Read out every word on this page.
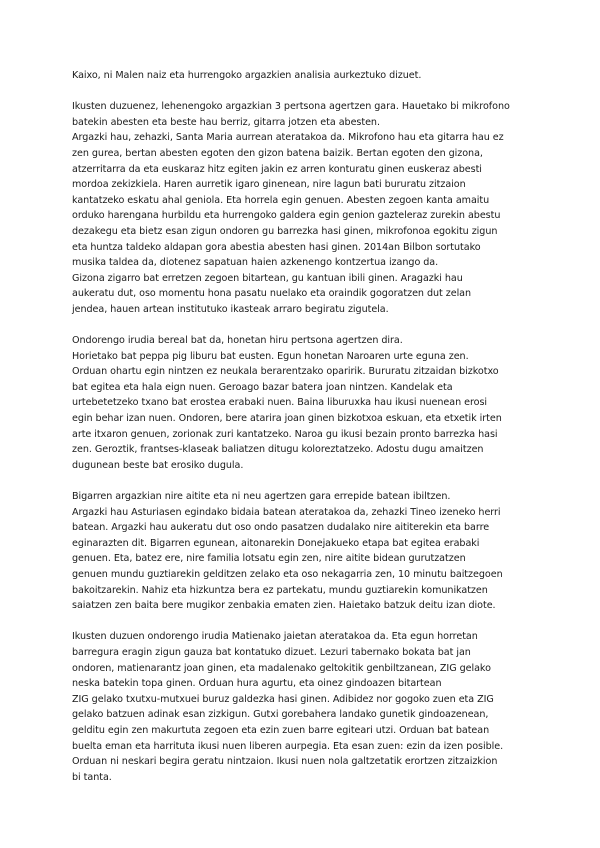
Kaixo, ni Malen naiz eta hurrengoko argazkien analisia aurkeztuko dizuet.

Ikusten duzuenez, lehenengoko argazkian 3 pertsona agertzen gara. Hauetako bi mikrofono
batekin abesten eta beste hau berriz, gitarra jotzen eta abesten.
Argazki hau, zehazki, Santa Maria aurrean ateratakoa da. Mikrofono hau eta gitarra hau ez
zen gurea, bertan abesten egoten den gizon batena baizik. Bertan egoten den gizona,
atzerritarra da eta euskaraz hitz egiten jakin ez arren konturatu ginen euskeraz abesti
mordoa zekizkiela. Haren aurretik igaro ginenean, nire lagun bati bururatu zitzaion
kantatzeko eskatu ahal geniola. Eta horrela egin genuen. Abesten zegoen kanta amaitu
orduko harengana hurbildu eta hurrengoko galdera egin genion gazteleraz zurekin abestu
dezakegu eta bietz esan zigun ondoren gu barrezka hasi ginen, mikrofonoa egokitu zigun
eta huntza taldeko aldapan gora abestia abesten hasi ginen. 2014an Bilbon sortutako
musika taldea da, diotenez sapatuan haien azkenengo kontzertua izango da.
Gizona zigarro bat erretzen zegoen bitartean, gu kantuan ibili ginen. Aragazki hau
aukeratu dut, oso momentu hona pasatu nuelako eta oraindik gogoratzen dut zelan
jendea, hauen artean institutuko ikasteak arraro begiratu zigutela.

Ondorengo irudia bereal bat da, honetan hiru pertsona agertzen dira.
Horietako bat peppa pig liburu bat eusten. Egun honetan Naroaren urte eguna zen.
Orduan ohartu egin nintzen ez neukala berarentzako oparirik. Bururatu zitzaidan bizkotxo
bat egitea eta hala eign nuen. Geroago bazar batera joan nintzen. Kandelak eta
urtebetetzeko txano bat erostea erabaki nuen. Baina liburuxka hau ikusi nuenean erosi
egin behar izan nuen. Ondoren, bere atarira joan ginen bizkotxoa eskuan, eta etxetik irten
arte itxaron genuen, zorionak zuri kantatzeko. Naroa gu ikusi bezain pronto barrezka hasi
zen. Geroztik, frantses-klaseak baliatzen ditugu koloreztatzeko. Adostu dugu amaitzen
dugunean beste bat erosiko dugula.

Bigarren argazkian nire aitite eta ni neu agertzen gara errepide batean ibiltzen.
Argazki hau Asturiasen egindako bidaia batean ateratakoa da, zehazki Tineo izeneko herri
batean. Argazki hau aukeratu dut oso ondo pasatzen dudalako nire aititerekin eta barre
eginarazten dit. Bigarren egunean, aitonarekin Donejakueko etapa bat egitea erabaki
genuen. Eta, batez ere, nire familia lotsatu egin zen, nire aitite bidean gurutzatzen
genuen mundu guztiarekin gelditzen zelako eta oso nekagarria zen, 10 minutu baitzegoen
bakoitzarekin. Nahiz eta hizkuntza bera ez partekatu, mundu guztiarekin komunikatzen
saiatzen zen baita bere mugikor zenbakia ematen zien. Haietako batzuk deitu izan diote.

Ikusten duzuen ondorengo irudia Matienako jaietan ateratakoa da. Eta egun horretan
barregura eragin zigun gauza bat kontatuko dizuet. Lezuri tabernako bokata bat jan
ondoren, matienarantz joan ginen, eta madalenako geltokitik genbiltzanean, ZIG gelako
neska batekin topa ginen. Orduan hura agurtu, eta oinez gindoazen bitartean
ZIG gelako txutxu-mutxuei buruz galdezka hasi ginen. Adibidez nor gogoko zuen eta ZIG
gelako batzuen adinak esan zizkigun. Gutxi gorebahera landako gunetik gindoazenean,
gelditu egin zen makurtuta zegoen eta ezin zuen barre egiteari utzi. Orduan bat batean
buelta eman eta harrituta ikusi nuen liberen aurpegia. Eta esan zuen: ezin da izen posible.
Orduan ni neskari begira geratu nintzaion. Ikusi nuen nola galtzetatik erortzen zitzaizkion
bi tanta.
